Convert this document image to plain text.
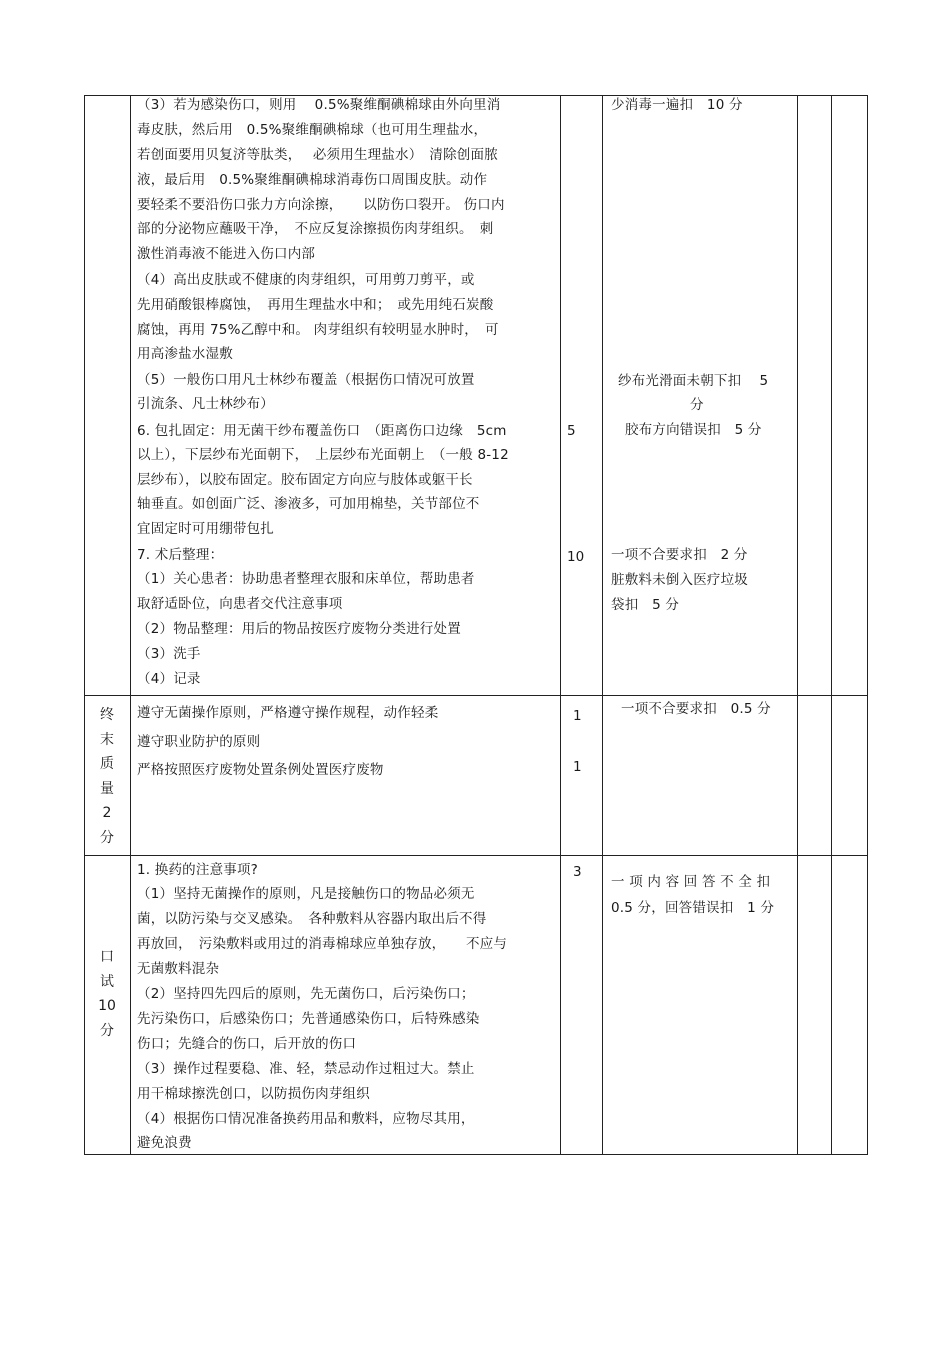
（3）若为感染伤口，则用　 0.5%聚维酮碘棉球由外向里消
毒皮肤，然后用　0.5%聚维酮碘棉球（也可用生理盐水，
若创面要用贝复济等肽类，　 必须用生理盐水）　清除创面脓
液，最后用　0.5%聚维酮碘棉球消毒伤口周围皮肤。动作
要轻柔不要沿伤口张力方向涂擦，　　以防伤口裂开。 伤口内
部的分泌物应蘸吸干净，　不应反复涂擦损伤肉芽组织。　刺
激性消毒液不能进入伤口内部
（4）高出皮肤或不健康的肉芽组织，可用剪刀剪平，或
先用硝酸银棒腐蚀，　再用生理盐水中和；　或先用纯石炭酸
腐蚀，再用 75%乙醇中和。 肉芽组织有较明显水肿时，　可
用高渗盐水湿敷
（5）一般伤口用凡士林纱布覆盖（根据伤口情况可放置
引流条、凡士林纱布）
6. 包扎固定：用无菌干纱布覆盖伤口　（距离伤口边缘　5cm
以上），下层纱布光面朝下，　上层纱布光面朝上　（一般 8-12
层纱布），以胶布固定。胶布固定方向应与肢体或躯干长
轴垂直。如创面广泛、渗液多，可加用棉垫，关节部位不
宜固定时可用绷带包扎
7. 术后整理：
（1）关心患者：协助患者整理衣服和床单位，帮助患者
取舒适卧位，向患者交代注意事项
（2）物品整理：用后的物品按医疗废物分类进行处置
（3）洗手
（4）记录
5
10
少消毒一遍扣　10 分
纱布光滑面未朝下扣　 5
分
胶布方向错误扣　5 分
一项不合要求扣　2 分
脏敷料未倒入医疗垃圾
袋扣　5 分
终
末
质
量
2
分
遵守无菌操作原则，严格遵守操作规程，动作轻柔
遵守职业防护的原则
严格按照医疗废物处置条例处置医疗废物
1
1
一项不合要求扣　0.5 分
口
试
10
分
1. 换药的注意事项?
（1）坚持无菌操作的原则，凡是接触伤口的物品必须无
菌，以防污染与交叉感染。　各种敷料从容器内取出后不得
再放回，　污染敷料或用过的消毒棉球应单独存放，　　不应与
无菌敷料混杂
（2）坚持四先四后的原则，先无菌伤口，后污染伤口；
先污染伤口，后感染伤口；先普通感染伤口，后特殊感染
伤口；先缝合的伤口，后开放的伤口
（3）操作过程要稳、准、轻，禁忌动作过粗过大。禁止
用干棉球擦洗创口，以防损伤肉芽组织
（4）根据伤口情况准备换药用品和敷料，应物尽其用，
避免浪费
3
一 项 内 容 回 答 不 全 扣
0.5 分，回答错误扣　1 分
